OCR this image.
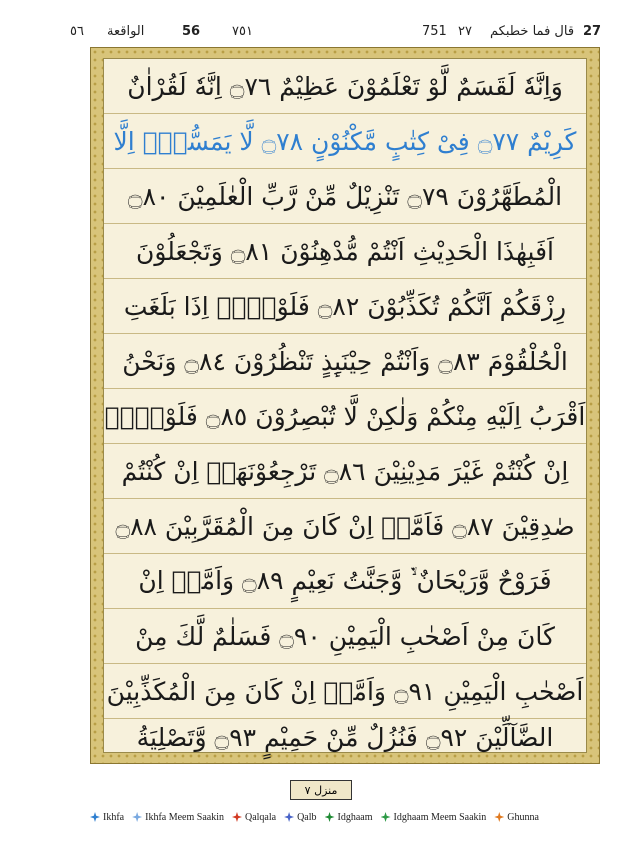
٥٦ الواقعة	56 ٧٥١	751 ٢٧ قال فما خطبكم 27
وَاِنَّهٗ لَقَسَمٌ لَّوْ تَعْلَمُوْنَ عَظِیْمٌ ۝٧٦ اِنَّهٗ لَقُرْاٰنٌ
كَرِیْمٌ ۝٧٧ فِیْ كِتٰبٍ مَّكْنُوْنٍ ۝٧٨ لَّا یَمَسُّهٗۤ اِلَّا
الْمُطَهَّرُوْنَ ۝٧٩ تَنْزِیْلٌ مِّنْ رَّبِّ الْعٰلَمِیْنَ ۝٨٠
اَفَبِهٰذَا الْحَدِیْثِ اَنْتُمْ مُّدْهِنُوْنَ ۝٨١ وَتَجْعَلُوْنَ
رِزْقَكُمْ اَنَّكُمْ تُكَذِّبُوْنَ ۝٨٢ فَلَوْلَاۤ اِذَا بَلَغَتِ
الْحُلْقُوْمَ ۝٨٣ وَاَنْتُمْ حِیْنَىِٕذٍ تَنْظُرُوْنَ ۝٨٤ وَنَحْنُ
اَقْرَبُ اِلَیْهِ مِنْكُمْ وَلٰكِنْ لَّا تُبْصِرُوْنَ ۝٨٥ فَلَوْلَاۤ
اِنْ كُنْتُمْ غَیْرَ مَدِیْنِیْنَ ۝٨٦ تَرْجِعُوْنَهَاۤ اِنْ كُنْتُمْ
صٰدِقِیْنَ ۝٨٧ فَاَمَّاۤ اِنْ كَانَ مِنَ الْمُقَرَّبِیْنَ ۝٨٨
فَرَوْحٌ وَّرَیْحَانٌ ۙ۬ وَّجَنَّتُ نَعِیْمٍ ۝٨٩ وَاَمَّاۤ اِنْ
كَانَ مِنْ اَصْحٰبِ الْیَمِیْنِ ۝٩٠ فَسَلٰمٌ لَّكَ مِنْ
اَصْحٰبِ الْیَمِیْنِ ۝٩١ وَاَمَّاۤ اِنْ كَانَ مِنَ الْمُكَذِّبِیْنَ
الضَّآلِّیْنَ ۝٩٢ فَنُزُلٌ مِّنْ حَمِیْمٍ ۝٩٣ وَّتَصْلِیَةُ
منزل ٧
Ikhfa Ikhfa Meem Saakin Qalqala Qalb Idghaam Idghaam Meem Saakin Ghunna
